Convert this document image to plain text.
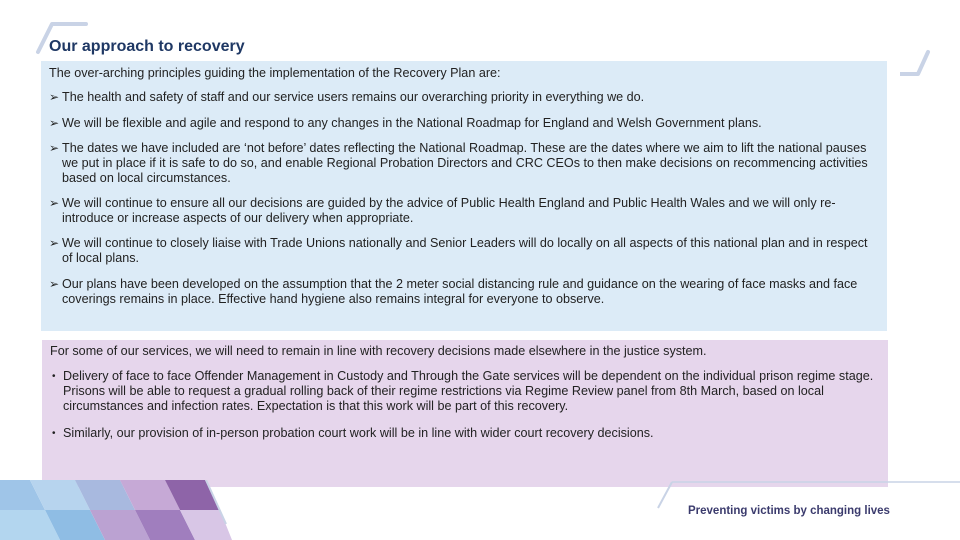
Our approach to recovery
The over-arching principles guiding the implementation of the Recovery Plan are:
➢ The health and safety of staff and our service users remains our overarching priority in everything we do.
➢ We will be flexible and agile and respond to any changes in the National Roadmap for England and Welsh Government plans.
➢ The dates we have included are ‘not before’ dates reflecting the National Roadmap. These are the dates where we aim to lift the national pauses we put in place if it is safe to do so, and enable Regional Probation Directors and CRC CEOs to then make decisions on recommencing activities based on local circumstances.
➢ We will continue to ensure all our decisions are guided by the advice of Public Health England and Public Health Wales and we will only re-introduce or increase aspects of our delivery when appropriate.
➢ We will continue to closely liaise with Trade Unions nationally and Senior Leaders will do locally on all aspects of this national plan and in respect of local plans.
➢ Our plans have been developed on the assumption that the 2 meter social distancing rule and guidance on the wearing of face masks and face coverings remains in place. Effective hand hygiene also remains integral for everyone to observe.
For some of our services, we will need to remain in line with recovery decisions made elsewhere in the justice system.
• Delivery of face to face Offender Management in Custody and Through the Gate services will be dependent on the individual prison regime stage. Prisons will be able to request a gradual rolling back of their regime restrictions via Regime Review panel from 8th March, based on local circumstances and infection rates. Expectation is that this work will be part of this recovery.
• Similarly, our provision of in-person probation court work will be in line with wider court recovery decisions.
Preventing victims by changing lives
